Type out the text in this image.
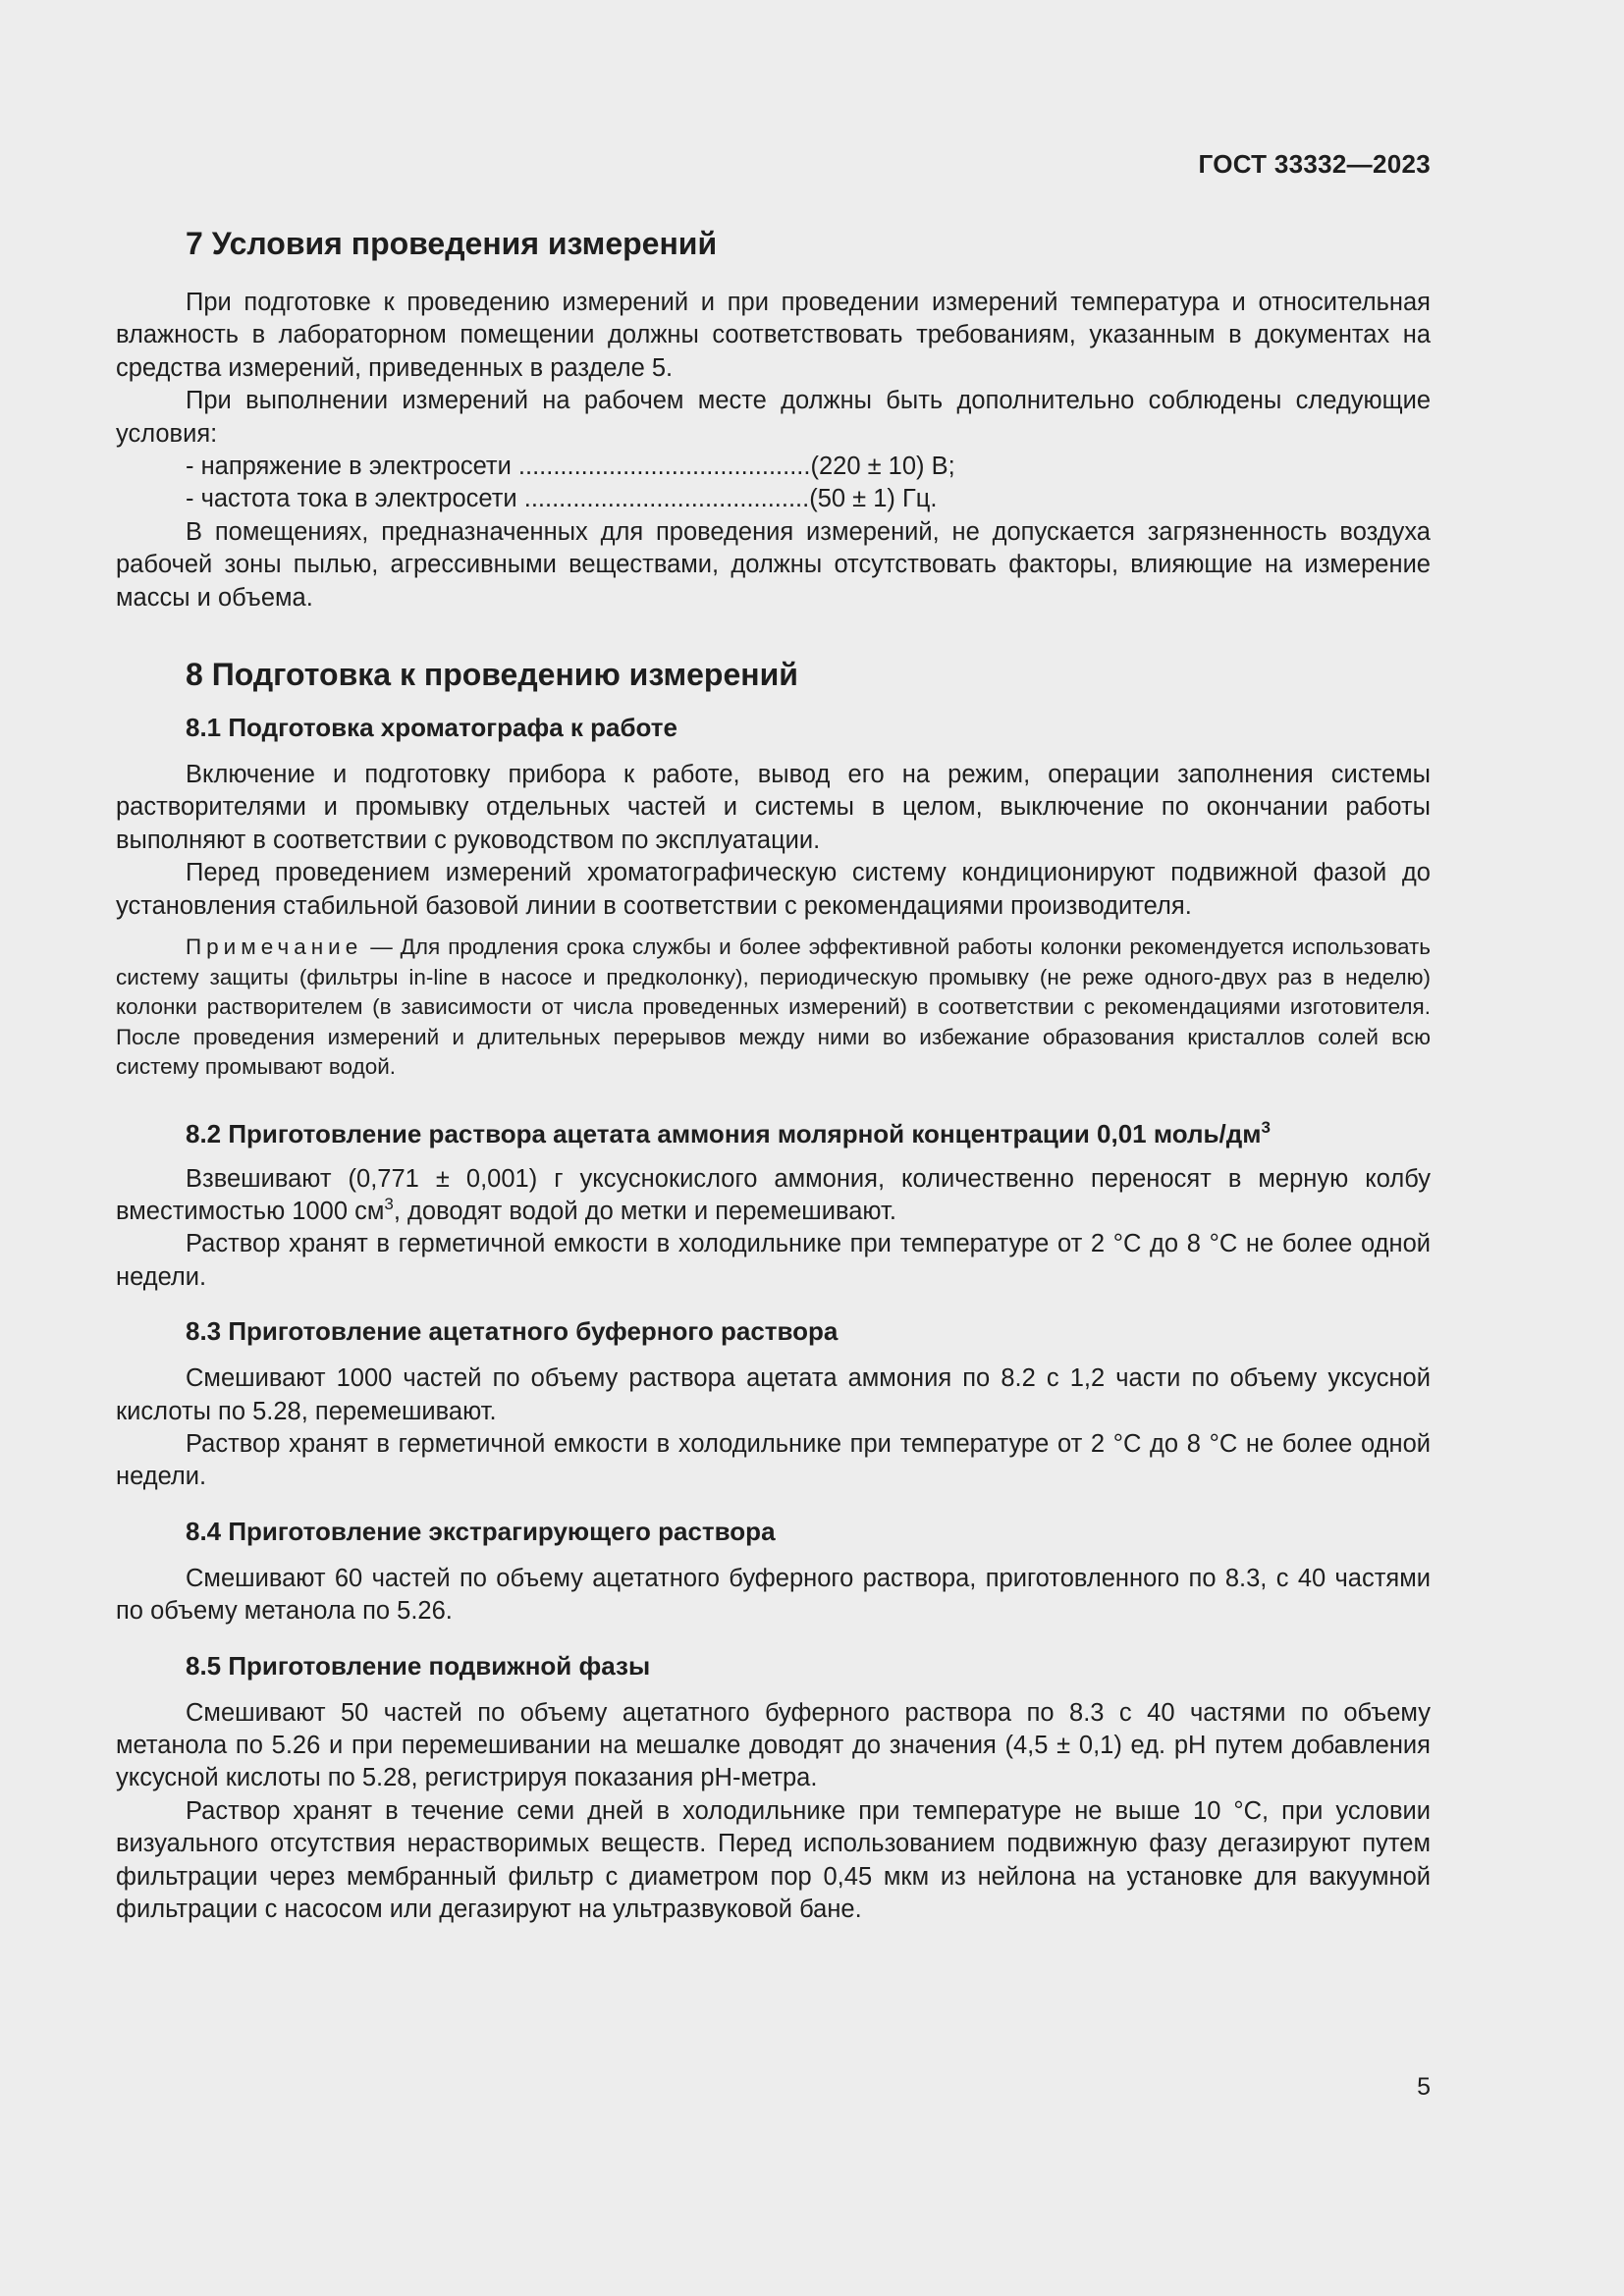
ГОСТ 33332—2023
7 Условия проведения измерений

При подготовке к проведению измерений и при проведении измерений температура и относительная влажность в лабораторном помещении должны соответствовать требованиям, указанным в документах на средства измерений, приведенных в разделе 5.

При выполнении измерений на рабочем месте должны быть дополнительно соблюдены следующие условия:

- напряжение в электросети ..........................................(220 ± 10) В;
- частота тока в электросети .........................................(50 ± 1) Гц.

В помещениях, предназначенных для проведения измерений, не допускается загрязненность воздуха рабочей зоны пылью, агрессивными веществами, должны отсутствовать факторы, влияющие на измерение массы и объема.

8 Подготовка к проведению измерений
8.1 Подготовка хроматографа к работе

Включение и подготовку прибора к работе, вывод его на режим, операции заполнения системы растворителями и промывку отдельных частей и системы в целом, выключение по окончании работы выполняют в соответствии с руководством по эксплуатации.

Перед проведением измерений хроматографическую систему кондиционируют подвижной фазой до установления стабильной базовой линии в соответствии с рекомендациями производителя.

Примечание — Для продления срока службы и более эффективной работы колонки рекомендуется использовать систему защиты (фильтры in-line в насосе и предколонку), периодическую промывку (не реже одного-двух раз в неделю) колонки растворителем (в зависимости от числа проведенных измерений) в соответствии с рекомендациями изготовителя. После проведения измерений и длительных перерывов между ними во избежание образования кристаллов солей всю систему промывают водой.

8.2 Приготовление раствора ацетата аммония молярной концентрации 0,01 моль/$дм^3$

Взвешивают (0,771 ± 0,001) г уксуснокислого аммония, количественно переносят в мерную колбу вместимостью 1000 $см^3$, доводят водой до метки и перемешивают.

Раствор хранят в герметичной емкости в холодильнике при температуре от 2 °С до 8 °С не более одной недели.

8.3 Приготовление ацетатного буферного раствора

Смешивают 1000 частей по объему раствора ацетата аммония по 8.2 с 1,2 части по объему уксусной кислоты по 5.28, перемешивают.

Раствор хранят в герметичной емкости в холодильнике при температуре от 2 °С до 8 °С не более одной недели.

8.4 Приготовление экстрагирующего раствора

Смешивают 60 частей по объему ацетатного буферного раствора, приготовленного по 8.3, с 40 частями по объему метанола по 5.26.

8.5 Приготовление подвижной фазы

Смешивают 50 частей по объему ацетатного буферного раствора по 8.3 с 40 частями по объему метанола по 5.26 и при перемешивании на мешалке доводят до значения (4,5 ± 0,1) ед. pH путем добавления уксусной кислоты по 5.28, регистрируя показания pH-метра.

Раствор хранят в течение семи дней в холодильнике при температуре не выше 10 °С, при условии визуального отсутствия нерастворимых веществ. Перед использованием подвижную фазу дегазируют путем фильтрации через мембранный фильтр с диаметром пор 0,45 мкм из нейлона на установке для вакуумной фильтрации с насосом или дегазируют на ультразвуковой бане.

5
